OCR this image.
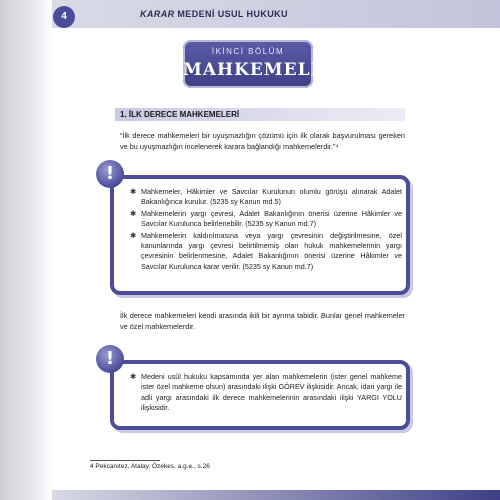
4	KARAR MEDENİ USUL HUKUKU
İKİNCİ BÖLÜM
MAHKEMELER
1. İLK DERECE MAHKEMELERİ

“İlk derece mahkemeleri bir uyuşmazlığın çözümü için ilk olarak başvurulması gereken ve bu uyuşmazlığın incelenerek karara bağlandığı mahkemelerdir.”⁴

✱ Mahkemeler, Hâkimler ve Savcılar Kurulunun olumlu görüşü alınarak Adalet Bakanlığınca kurulur. (5235 sy Kanun md.5)
✱ Mahkemelerin yargı çevresi, Adalet Bakanlığının önerisi üzerine Hâkimler ve Savcılar Kurulunca belirlenebilir. (5235 sy Kanun md.7)
✱ Mahkemelerin kaldırılmasına veya yargı çevresinin değiştirilmesine, özel kanunlarında yargı çevresi belirtilmemiş olan hukuk mahkemelerinin yargı çevresinin belirlenmesine, Adalet Bakanlığının önerisi üzerine Hâkimler ve Savcılar Kurulunca karar verilir. (5235 sy Kanun md.7)
!

İlk derece mahkemeleri kendi arasında ikili bir ayrıma tabidir. Bunlar genel mahkemeler ve özel mahkemelerdir.

✱ Medeni usûl hukuku kapsamında yer alan mahkemelerin (ister genel mahkeme ister özel mahkeme olsun) arasındaki ilişki GÖREV ilişkisidir. Ancak, idari yargı ile adli yargı arasındaki ilk derece mahkemelerinin arasındaki ilişki YARGI YOLU ilişkisidir.
!
4 Pekcanıtez, Atalay, Özekes, a.g.e., s.26
